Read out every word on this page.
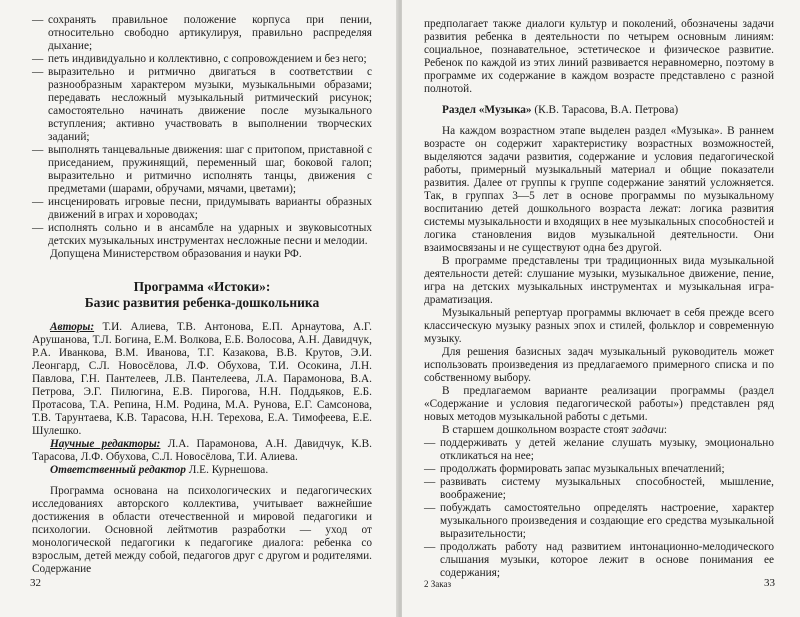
— сохранять правильное положение корпуса при пении, относительно свободно артикулируя, правильно распределяя дыхание;
— петь индивидуально и коллективно, с сопровождением и без него;
— выразительно и ритмично двигаться в соответствии с разнообразным характером музыки, музыкальными образами; передавать несложный музыкальный ритмический рисунок; самостоятельно начинать движение после музыкального вступления; активно участвовать в выполнении творческих заданий;
— выполнять танцевальные движения: шаг с притопом, приставной с приседанием, пружинящий, переменный шаг, боковой галоп; выразительно и ритмично исполнять танцы, движения с предметами (шарами, обручами, мячами, цветами);
— инсценировать игровые песни, придумывать варианты образных движений в играх и хороводах;
— исполнять сольно и в ансамбле на ударных и звуковысотных детских музыкальных инструментах несложные песни и мелодии.

Допущена Министерством образования и науки РФ.

Программа «Истоки»:

Базис развития ребенка-дошкольника

Авторы: Т.И. Алиева, Т.В. Антонова, Е.П. Арнаутова, А.Г. Арушанова, Т.Л. Богина, Е.М. Волкова, Е.Б. Волосова, А.Н. Давидчук, Р.А. Иванкова, В.М. Иванова, Т.Г. Казакова, В.В. Крутов, Э.И. Леонгард, С.Л. Новосёлова, Л.Ф. Обухова, Т.И. Осокина, Л.Н. Павлова, Г.Н. Пантелеев, Л.В. Пантелеева, Л.А. Парамонова, В.А. Петрова, Э.Г. Пилюгина, Е.В. Пирогова, Н.Н. Поддьяков, Е.Б. Протасова, Т.А. Репина, Н.М. Родина, М.А. Рунова, Е.Г. Самсонова, Т.В. Тарунтаева, К.В. Тарасова, Н.Н. Терехова, Е.А. Тимофеева, Е.Е. Шулешко.

Научные редакторы: Л.А. Парамонова, А.Н. Давидчук, К.В. Тарасова, Л.Ф. Обухова, С.Л. Новосёлова, Т.И. Алиева.

Ответственный редактор Л.Е. Курнешова.

Программа основана на психологических и педагогических исследованиях авторского коллектива, учитывает важнейшие достижения в области отечественной и мировой педагогики и психологии. Основной лейтмотив разработки — уход от монологической педагогики к педагогике диалога: ребенка со взрослым, детей между собой, педагогов друг с другом и родителями. Содержание

32

предполагает также диалоги культур и поколений, обозначены задачи развития ребенка в деятельности по четырем основным линиям: социальное, познавательное, эстетическое и физическое развитие. Ребенок по каждой из этих линий развивается неравномерно, поэтому в программе их содержание в каждом возрасте представлено с разной полнотой.

Раздел «Музыка» (К.В. Тарасова, В.А. Петрова)

На каждом возрастном этапе выделен раздел «Музыка». В раннем возрасте он содержит характеристику возрастных возможностей, выделяются задачи развития, содержание и условия педагогической работы, примерный музыкальный материал и общие показатели развития. Далее от группы к группе содержание занятий усложняется. Так, в группах 3—5 лет в основе программы по музыкальному воспитанию детей дошкольного возраста лежат: логика развития системы музыкальности и входящих в нее музыкальных способностей и логика становления видов музыкальной деятельности. Они взаимосвязаны и не существуют одна без другой.

В программе представлены три традиционных вида музыкальной деятельности детей: слушание музыки, музыкальное движение, пение, игра на детских музыкальных инструментах и музыкальная игра-драматизация.

Музыкальный репертуар программы включает в себя прежде всего классическую музыку разных эпох и стилей, фольклор и современную музыку.

Для решения базисных задач музыкальный руководитель может использовать произведения из предлагаемого примерного списка и по собственному выбору.

В предлагаемом варианте реализации программы (раздел «Содержание и условия педагогической работы») представлен ряд новых методов музыкальной работы с детьми.

В старшем дошкольном возрасте стоят задачи:

— поддерживать у детей желание слушать музыку, эмоционально откликаться на нее;
— продолжать формировать запас музыкальных впечатлений;
— развивать систему музыкальных способностей, мышление, воображение;
— побуждать самостоятельно определять настроение, характер музыкального произведения и создающие его средства музыкальной выразительности;
— продолжать работу над развитием интонационно-мелодического слышания музыки, которое лежит в основе понимания ее содержания;
2 Заказ	33
